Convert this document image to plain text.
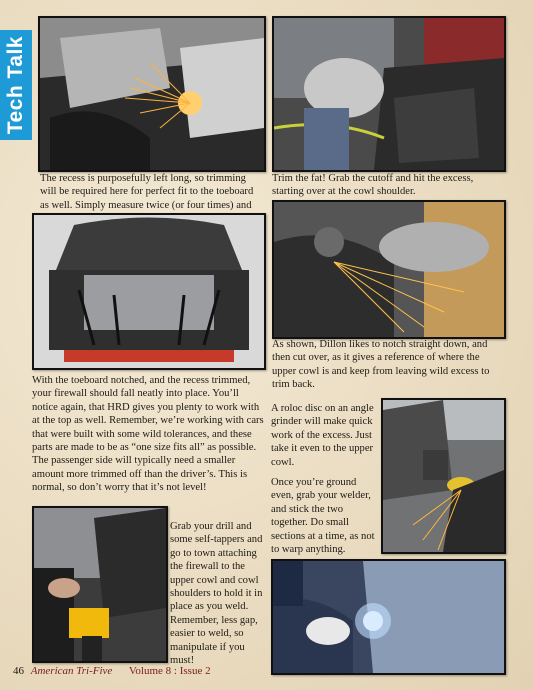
Tech Talk

The recess is purposefully left long, so trimming will be required here for perfect fit to the toeboard as well. Simply measure twice (or four times) and

Trim the fat! Grab the cutoff and hit the excess, starting over at the cowl shoulder.

As shown, Dillon likes to notch straight down, and then cut over, as it gives a reference of where the upper cowl is and keep from leaving wild excess to trim back.

With the toeboard notched, and the recess trimmed, your firewall should fall neatly into place. You’ll notice again, that HRD gives you plenty to work with at the top as well. Remember, we’re working with cars that were built with some wild tolerances, and these parts are made to be as “one size fits all” as possible. The passenger side will typically need a smaller amount more trimmed off than the driver’s. This is normal, so don’t worry that it’s not level!

A roloc disc on an angle grinder will make quick work of the excess. Just take it even to the upper cowl.

Once you’re ground even, grab your welder, and stick the two together. Do small sections at a time, as not to warp anything.

Grab your drill and some self-tappers and go to town attaching the firewall to the upper cowl and cowl shoulders to hold it in place as you weld. Remember, less gap, easier to weld, so manipulate if you must!

46 American Tri-Five Volume 8 : Issue 2
